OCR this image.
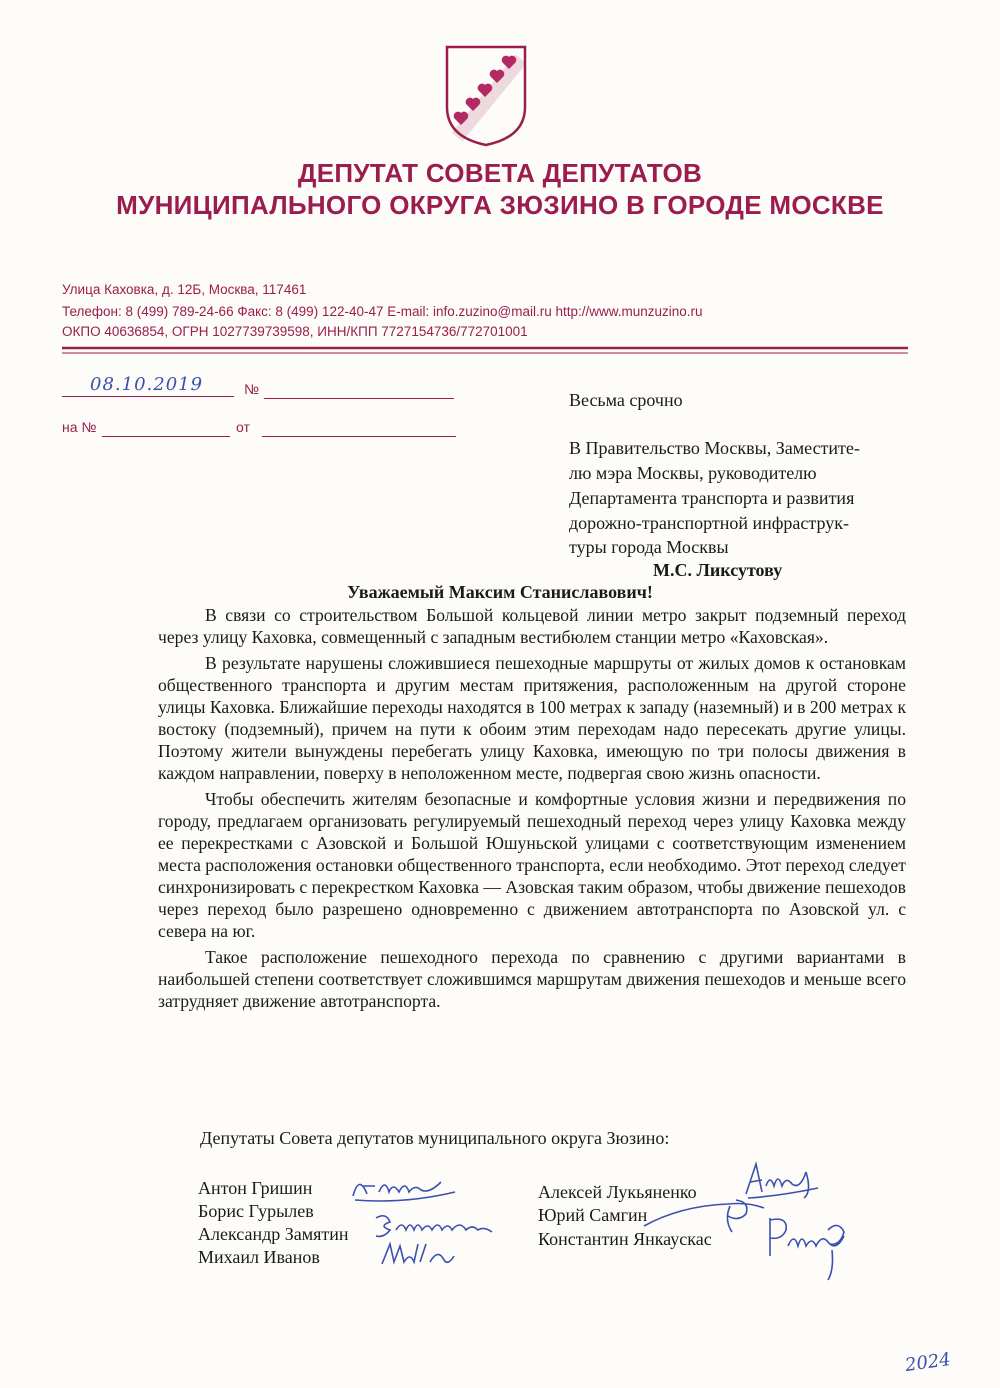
ДЕПУТАТ СОВЕТА ДЕПУТАТОВ
МУНИЦИПАЛЬНОГО ОКРУГА ЗЮЗИНО В ГОРОДЕ МОСКВЕ
Улица Каховка, д. 12Б, Москва, 117461
Телефон: 8 (499) 789-24-66 Факс: 8 (499) 122-40-47 E-mail: info.zuzino@mail.ru http://www.munzuzino.ru
ОКПО 40636854, ОГРН 1027739739598, ИНН/КПП 7727154736/772701001
08.10.2019	№
на №	от
Весьма срочно
В Правительство Москвы, Заместите-
лю мэра Москвы, руководителю
Департамента транспорта и развития
дорожно-транспортной инфраструк-
туры города Москвы
М.С. Ликсутову
Уважаемый Максим Станиславович!

В связи со строительством Большой кольцевой линии метро закрыт подземный переход через улицу Каховка, совмещенный с западным вестибюлем станции метро «Каховская».

В результате нарушены сложившиеся пешеходные маршруты от жилых домов к остановкам общественного транспорта и другим местам притяжения, расположенным на другой стороне улицы Каховка. Ближайшие переходы находятся в 100 метрах к западу (наземный) и в 200 метрах к востоку (подземный), причем на пути к обоим этим переходам надо пересекать другие улицы. Поэтому жители вынуждены перебегать улицу Каховка, имеющую по три полосы движения в каждом направлении, поверху в неположенном месте, подвергая свою жизнь опасности.

Чтобы обеспечить жителям безопасные и комфортные условия жизни и передвижения по городу, предлагаем организовать регулируемый пешеходный переход через улицу Каховка между ее перекрестками с Азовской и Большой Юшуньской улицами с соответствующим изменением места расположения остановки общественного транспорта, если необходимо. Этот переход следует синхронизировать с перекрестком Каховка — Азовская таким образом, чтобы движение пешеходов через переход было разрешено одновременно с движением автотранспорта по Азовской ул. с севера на юг.

Такое расположение пешеходного перехода по сравнению с другими вариантами в наибольшей степени соответствует сложившимся маршрутам движения пешеходов и меньше всего затрудняет движение автотранспорта.

Депутаты Совета депутатов муниципального округа Зюзино:
Антон Гришин
Борис Гурылев
Александр Замятин
Михаил Иванов
Алексей Лукьяненко
Юрий Самгин
Константин Янкаускас
2024
